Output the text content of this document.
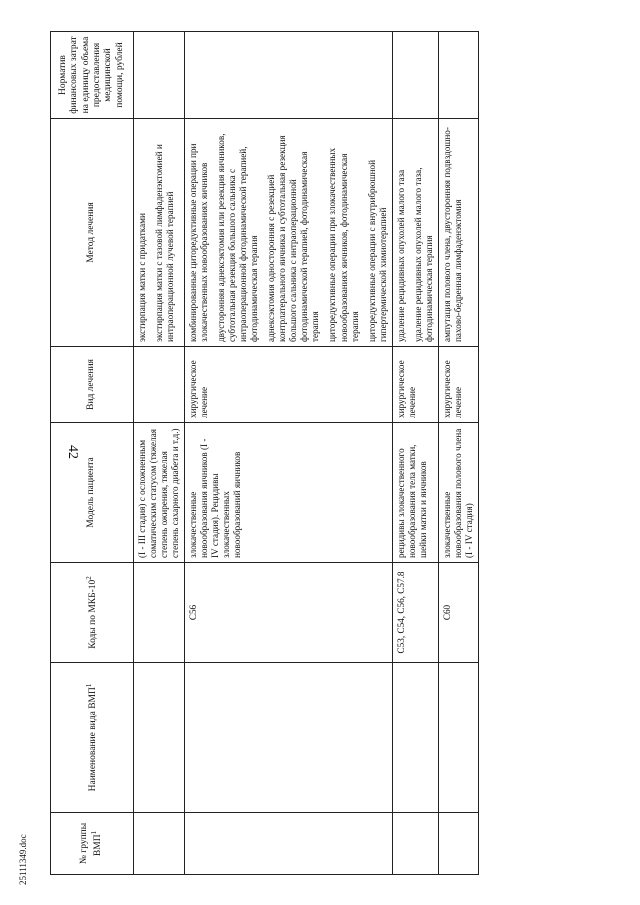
42
25111349.doc	№ группы ВМП$^1$	Наименование вида ВМП$^1$	Коды по МКБ-$10^2$	Модель пациента	Вид лечения	Метод лечения	Норматив финансовых затрат на единицу объема предоставления медицинской помощи, рублей
			(I - III стадия) с осложненным соматическим статусом (тяжелая степень ожирения, тяжелая степень сахарного диабета и т.д.)		экстирпация матки с придатками экстирпация матки с тазовой лимфаденэктомией и интраоперационной лучевой терапией	

		C56	злокачественные новообразования яичников (I - IV стадия). Рецидивы злокачественных новообразований яичников	хирургическое лечение	комбинированные циторедуктивные операции при злокачественных новообразованиях яичников двусторонняя аднексэктомия или резекция яичников, субтотальная резекция большого сальника с интраоперационной фотодинамической терапией, фотодинамическая терапия аднексэктомия односторонняя с резекцией контрлатерального яичника и субтотальная резекция большого сальника с интраоперационной фотодинамической терапией, фотодинамическая терапия циторедуктивные операции при злокачественных новообразованиях яичников, фотодинамическая терапия циторедуктивные операции с внутрибрюшной гипертермической химиотерапией	

		C53, C54, C56, C57.8	рецидивы злокачественного новообразования тела матки, шейки матки и яичников	хирургическое лечение	удаление рецидивных опухолей малого таза удаление рецидивных опухолей малого таза, фотодинамическая терапия	

		C60	злокачественные новообразования полового члена (I - IV стадия)	хирургическое лечение	ампутация полового члена, двусторонняя подвздошно-пахово-бедренная лимфаденэктомия	
